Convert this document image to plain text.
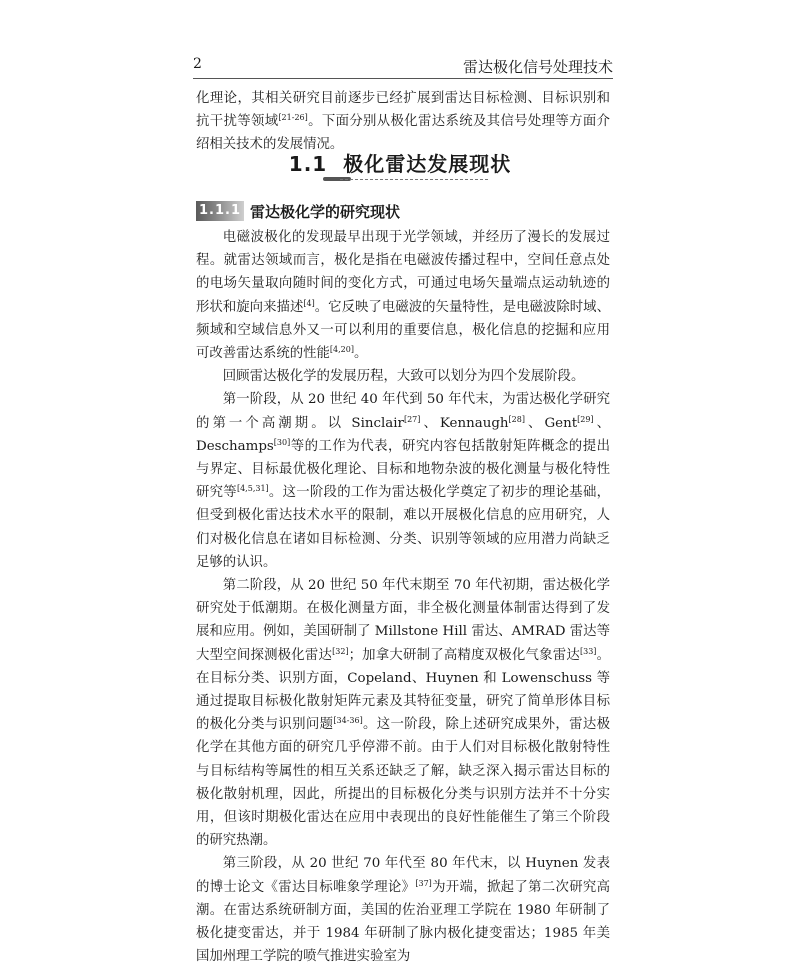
2	雷达极化信号处理技术

化理论，其相关研究目前逐步已经扩展到雷达目标检测、目标识别和抗干扰等领域[21-26]。下面分别从极化雷达系统及其信号处理等方面介绍相关技术的发展情况。

1.1 极化雷达发展现状
1.1.1 雷达极化学的研究现状

电磁波极化的发现最早出现于光学领域，并经历了漫长的发展过程。就雷达领域而言，极化是指在电磁波传播过程中，空间任意点处的电场矢量取向随时间的变化方式，可通过电场矢量端点运动轨迹的形状和旋向来描述[4]。它反映了电磁波的矢量特性，是电磁波除时域、频域和空域信息外又一可以利用的重要信息，极化信息的挖掘和应用可改善雷达系统的性能[4,20]。

回顾雷达极化学的发展历程，大致可以划分为四个发展阶段。

第一阶段，从 20 世纪 40 年代到 50 年代末，为雷达极化学研究的第一个高潮期。以 Sinclair[27]、Kennaugh[28]、Gent[29]、Deschamps[30]等的工作为代表，研究内容包括散射矩阵概念的提出与界定、目标最优极化理论、目标和地物杂波的极化测量与极化特性研究等[4,5,31]。这一阶段的工作为雷达极化学奠定了初步的理论基础，但受到极化雷达技术水平的限制，难以开展极化信息的应用研究，人们对极化信息在诸如目标检测、分类、识别等领域的应用潜力尚缺乏足够的认识。

第二阶段，从 20 世纪 50 年代末期至 70 年代初期，雷达极化学研究处于低潮期。在极化测量方面，非全极化测量体制雷达得到了发展和应用。例如，美国研制了 Millstone Hill 雷达、AMRAD 雷达等大型空间探测极化雷达[32]；加拿大研制了高精度双极化气象雷达[33]。在目标分类、识别方面，Copeland、Huynen 和 Lowenschuss 等通过提取目标极化散射矩阵元素及其特征变量，研究了简单形体目标的极化分类与识别问题[34-36]。这一阶段，除上述研究成果外，雷达极化学在其他方面的研究几乎停滞不前。由于人们对目标极化散射特性与目标结构等属性的相互关系还缺乏了解，缺乏深入揭示雷达目标的极化散射机理，因此，所提出的目标极化分类与识别方法并不十分实用，但该时期极化雷达在应用中表现出的良好性能催生了第三个阶段的研究热潮。

第三阶段，从 20 世纪 70 年代至 80 年代末，以 Huynen 发表的博士论文《雷达目标唯象学理论》[37]为开端，掀起了第二次研究高潮。在雷达系统研制方面，美国的佐治亚理工学院在 1980 年研制了极化捷变雷达，并于 1984 年研制了脉内极化捷变雷达；1985 年美国加州理工学院的喷气推进实验室为
